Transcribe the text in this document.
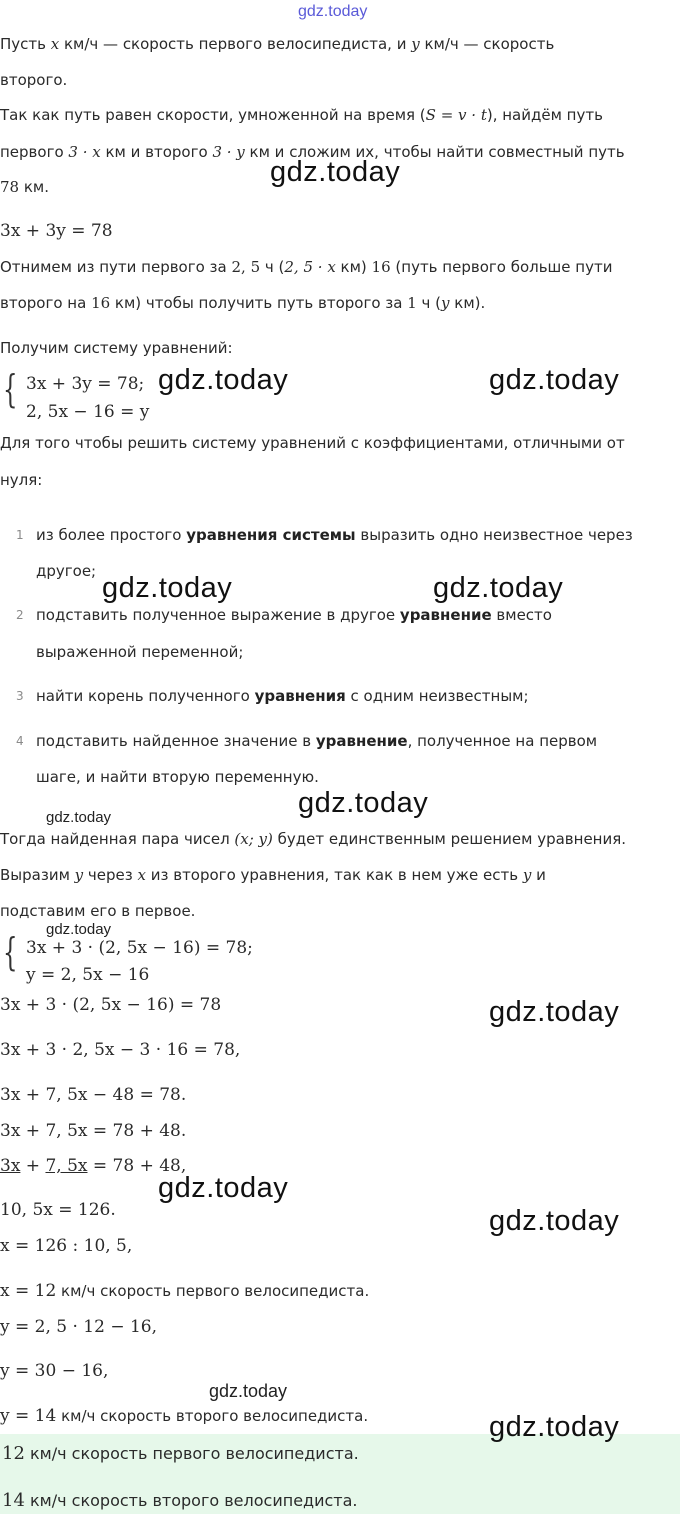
gdz.today
Пусть x км/ч — скорость первого велосипедиста, и y км/ч — скорость
второго.
Так как путь равен скорости, умноженной на время (S = v · t), найдём путь
первого 3 · x км и второго 3 · y км и сложим их, чтобы найти совместный путь
78 км.
3x + 3y = 78
Отнимем из пути первого за 2, 5 ч (2, 5 · x км) 16 (путь первого больше пути
второго на 16 км) чтобы получить путь второго за 1 ч (y км).
Получим систему уравнений:
{ 3x + 3y = 78;
2, 5x − 16 = y
Для того чтобы решить систему уравнений с коэффициентами, отличными от
нуля:
1 из более простого уравнения системы выразить одно неизвестное через
другое;
2 подставить полученное выражение в другое уравнение вместо
выраженной переменной;
3 найти корень полученного уравнения с одним неизвестным;
4 подставить найденное значение в уравнение, полученное на первом
шаге, и найти вторую переменную.
Тогда найденная пара чисел (x; y) будет единственным решением уравнения.
Выразим y через x из второго уравнения, так как в нем уже есть y и
подставим его в первое.
{ 3x + 3 · (2, 5x − 16) = 78;
y = 2, 5x − 16
3x + 3 · (2, 5x − 16) = 78
3x + 3 · 2, 5x − 3 · 16 = 78,
3x + 7, 5x − 48 = 78.
3x + 7, 5x = 78 + 48.
3x + 7, 5x = 78 + 48,
10, 5x = 126.
x = 126 : 10, 5,
x = 12 км/ч скорость первого велосипедиста.
y = 2, 5 · 12 − 16,
y = 30 − 16,
y = 14 км/ч скорость второго велосипедиста.
12 км/ч скорость первого велосипедиста.
14 км/ч скорость второго велосипедиста.
gdz.today
gdz.today	gdz.today
gdz.today	gdz.today
gdz.today	gdz.today
gdz.today
gdz.today
gdz.today
gdz.today
gdz.today
gdz.today
